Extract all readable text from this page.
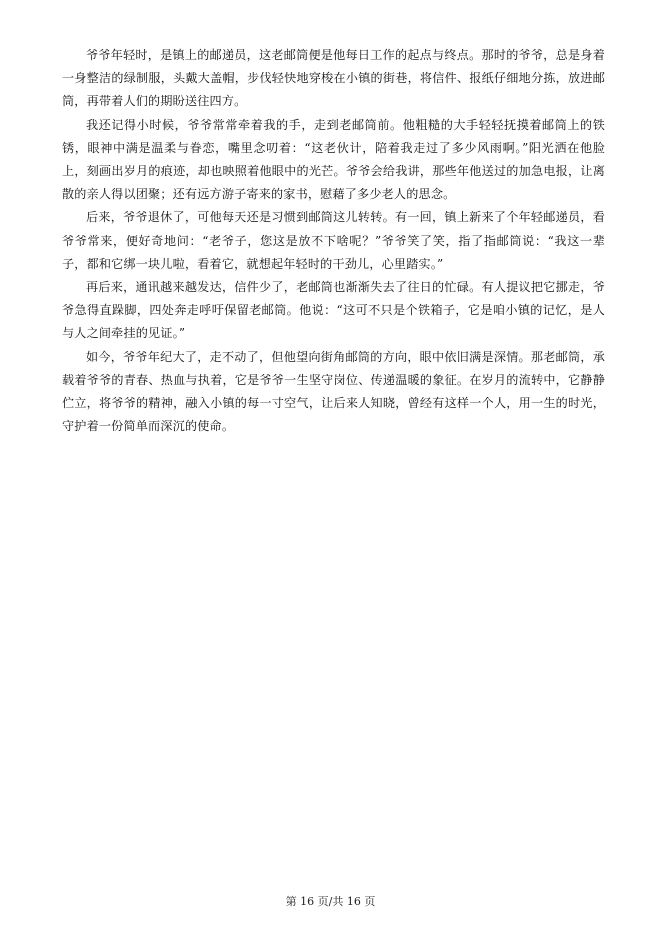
爷爷年轻时，是镇上的邮递员，这老邮筒便是他每日工作的起点与终点。那时的爷爷，总是身着一身整洁的绿制服，头戴大盖帽，步伐轻快地穿梭在小镇的街巷，将信件、报纸仔细地分拣，放进邮筒，再带着人们的期盼送往四方。

我还记得小时候，爷爷常常牵着我的手，走到老邮筒前。他粗糙的大手轻轻抚摸着邮筒上的铁锈，眼神中满是温柔与眷恋，嘴里念叨着：“这老伙计，陪着我走过了多少风雨啊。”阳光洒在他脸上，刻画出岁月的痕迹，却也映照着他眼中的光芒。爷爷会给我讲，那些年他送过的加急电报，让离散的亲人得以团聚；还有远方游子寄来的家书，慰藉了多少老人的思念。

后来，爷爷退休了，可他每天还是习惯到邮筒这儿转转。有一回，镇上新来了个年轻邮递员，看爷爷常来，便好奇地问：“老爷子，您这是放不下啥呢？”爷爷笑了笑，指了指邮筒说：“我这一辈子，都和它绑一块儿啦，看着它，就想起年轻时的干劲儿，心里踏实。”

再后来，通讯越来越发达，信件少了，老邮筒也渐渐失去了往日的忙碌。有人提议把它挪走，爷爷急得直跺脚，四处奔走呼吁保留老邮筒。他说：“这可不只是个铁箱子，它是咱小镇的记忆，是人与人之间牵挂的见证。”

如今，爷爷年纪大了，走不动了，但他望向街角邮筒的方向，眼中依旧满是深情。那老邮筒，承载着爷爷的青春、热血与执着，它是爷爷一生坚守岗位、传递温暖的象征。在岁月的流转中，它静静伫立，将爷爷的精神，融入小镇的每一寸空气，让后来人知晓，曾经有这样一个人，用一生的时光，守护着一份简单而深沉的使命。

第 16 页/共 16 页
